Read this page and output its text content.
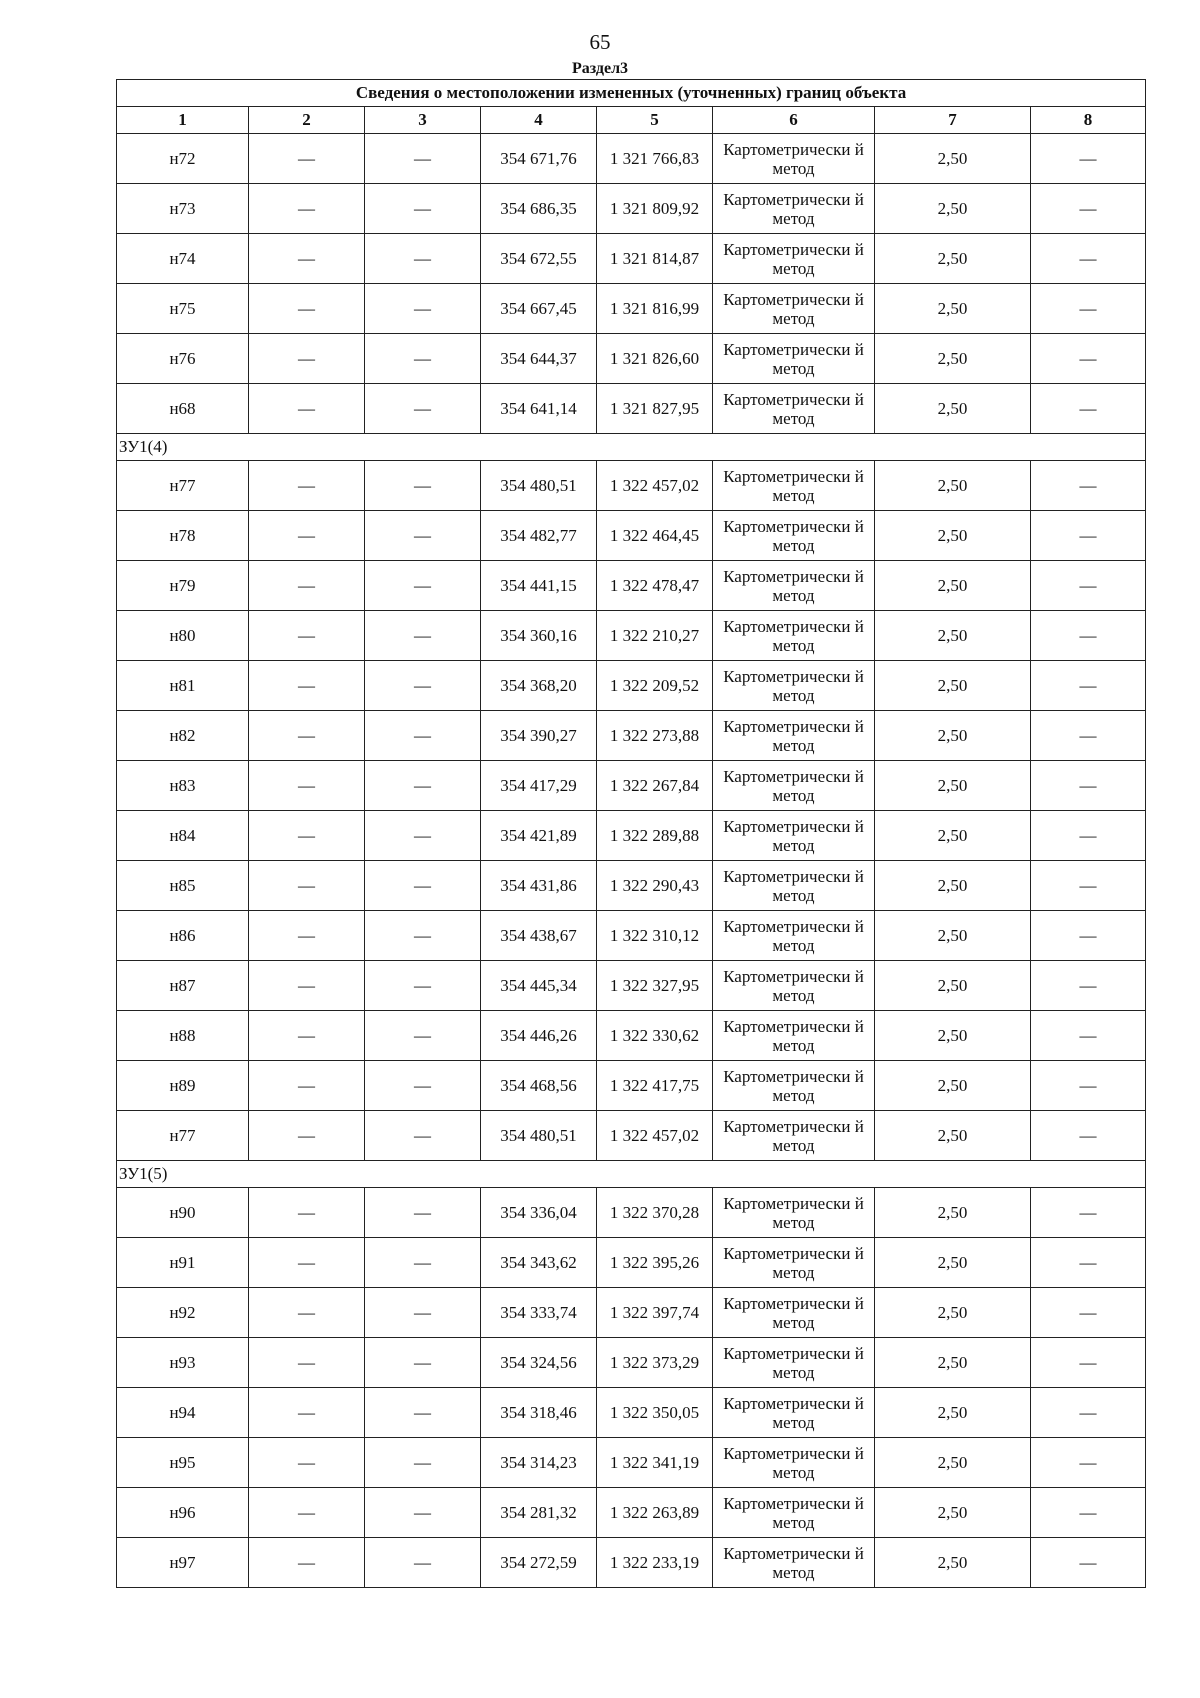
65
Раздел3
Сведения о местоположении измененных (уточненных) границ объекта							
1	2	3	4	5	6	7	8
н72	—	—	354 671,76	1 321 766,83	Картометрически й метод	2,50	—
н73	—	—	354 686,35	1 321 809,92	Картометрически й метод	2,50	—
н74	—	—	354 672,55	1 321 814,87	Картометрически й метод	2,50	—
н75	—	—	354 667,45	1 321 816,99	Картометрически й метод	2,50	—
н76	—	—	354 644,37	1 321 826,60	Картометрически й метод	2,50	—
н68	—	—	354 641,14	1 321 827,95	Картометрически й метод	2,50	—
ЗУ1(4)							
н77	—	—	354 480,51	1 322 457,02	Картометрически й метод	2,50	—
н78	—	—	354 482,77	1 322 464,45	Картометрически й метод	2,50	—
н79	—	—	354 441,15	1 322 478,47	Картометрически й метод	2,50	—
н80	—	—	354 360,16	1 322 210,27	Картометрически й метод	2,50	—
н81	—	—	354 368,20	1 322 209,52	Картометрически й метод	2,50	—
н82	—	—	354 390,27	1 322 273,88	Картометрически й метод	2,50	—
н83	—	—	354 417,29	1 322 267,84	Картометрически й метод	2,50	—
н84	—	—	354 421,89	1 322 289,88	Картометрически й метод	2,50	—
н85	—	—	354 431,86	1 322 290,43	Картометрически й метод	2,50	—
н86	—	—	354 438,67	1 322 310,12	Картометрически й метод	2,50	—
н87	—	—	354 445,34	1 322 327,95	Картометрически й метод	2,50	—
н88	—	—	354 446,26	1 322 330,62	Картометрически й метод	2,50	—
н89	—	—	354 468,56	1 322 417,75	Картометрически й метод	2,50	—
н77	—	—	354 480,51	1 322 457,02	Картометрически й метод	2,50	—
ЗУ1(5)							
н90	—	—	354 336,04	1 322 370,28	Картометрически й метод	2,50	—
н91	—	—	354 343,62	1 322 395,26	Картометрически й метод	2,50	—
н92	—	—	354 333,74	1 322 397,74	Картометрически й метод	2,50	—
н93	—	—	354 324,56	1 322 373,29	Картометрически й метод	2,50	—
н94	—	—	354 318,46	1 322 350,05	Картометрически й метод	2,50	—
н95	—	—	354 314,23	1 322 341,19	Картометрически й метод	2,50	—
н96	—	—	354 281,32	1 322 263,89	Картометрически й метод	2,50	—
н97	—	—	354 272,59	1 322 233,19	Картометрически й метод	2,50	—
